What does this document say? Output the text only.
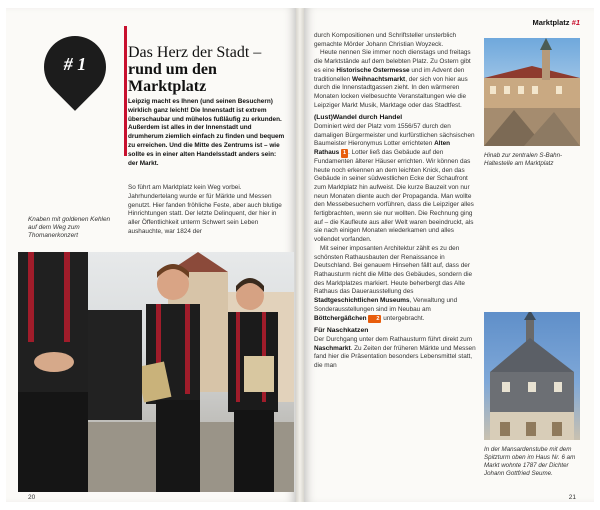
# 1
Das Herz der Stadt –
rund um den Marktplatz
Leipzig macht es Ihnen (und seinen Besuchern) wirklich ganz leicht! Die Innenstadt ist extrem überschaubar und mühelos fußläufig zu erkunden. Außerdem ist alles in der Innenstadt und drumherum ziemlich einfach zu finden und bequem zu erreichen. Und die Mitte des Zentrums ist – wie sollte es in einer alten Handelsstadt anders sein: der Markt.
So führt am Marktplatz kein Weg vorbei. Jahrhundertelang wurde er für Märkte und Messen genutzt. Hier fanden fröhliche Feste, aber auch blutige Hinrichtungen statt. Der letzte Delinquent, der hier in aller Öffentlichkeit unterm Schwert sein Leben aushauchte, war 1824 der
Knaben mit goldenen Kehlen auf dem Weg zum Thomanerkonzert
20
Marktplatz #1
durch Kompositionen und Schriftsteller unsterblich gemachte Mörder Johann Christian Woyzeck.
Heute nennen Sie immer noch dienstags und freitags die Marktstände auf dem belebten Platz. Zu Ostern gibt es eine Historische Ostermesse und im Advent den traditionellen Weihnachtsmarkt, der sich von hier aus durch die Innenstadtgassen zieht. In den wärmeren Monaten locken vielbesuchte Veranstaltungen wie die Leipziger Markt Musik, Marktage oder das Stadtfest.
(Lust)Wandel durch Handel
Dominiert wird der Platz vom 1556/57 durch den damaligen Bürgermeister und kurfürstlichen sächsischen Baumeister Hieronymus Lotter errichteten Alten Rathaus 1 . Lotter ließ das Gebäude auf den Fundamenten älterer Häuser errichten. Wir können das heute noch erkennen an dem leichten Knick, den das Gebäude in seiner südwestlichen Ecke der Schaufront zum Marktplatz hin aufweist. Die kurze Bauzeit von nur neun Monaten diente auch der Propaganda. Man wollte den Messebesuchern vorführen, dass die Leipziger alles fertigbrachten, wenn sie nur wollten. Die Rechnung ging auf – die Kaufleute aus aller Welt waren beeindruckt, als sie nach einigen Monaten wiederkamen und alles vollendet vorfanden.
Mit seiner imposanten Architektur zählt es zu den schönsten Rathausbauten der Renaissance in Deutschland. Bei genauem Hinsehen fällt auf, dass der Rathausturm nicht die Mitte des Gebäudes, sondern die des Marktplatzes markiert. Heute beherbergt das Alte Rathaus das Dauerausstellung des Stadtgeschichtlichen Museums, Verwaltung und Sonderausstellungen sind im Neubau am Böttchergäßchen 2 untergebracht.
Für Naschkatzen
Der Durchgang unter dem Rathausturm führt direkt zum Naschmarkt. Zu Zeiten der früheren Märkte und Messen fand hier die Präsentation besonders Lebensmittel statt, die man
Hinab zur zentralen S-Bahn-Haltestelle am Marktplatz
In der Mansardenstube mit dem Spitzturm oben im Haus Nr. 6 am Markt wohnte 1787 der Dichter Johann Gottfried Seume.
21
